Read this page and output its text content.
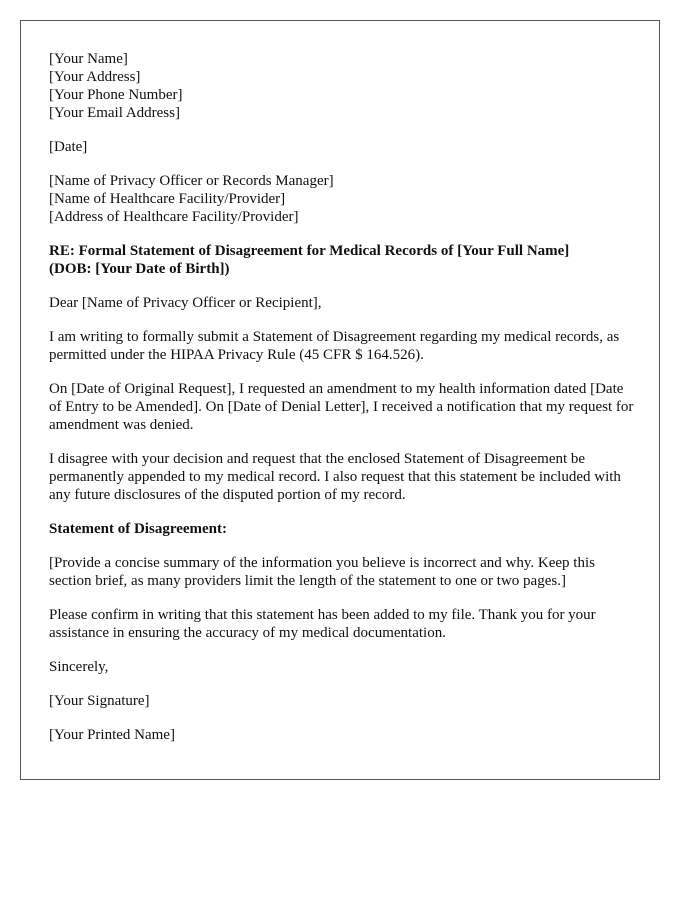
[Your Name]
[Your Address]
[Your Phone Number]
[Your Email Address]
[Date]
[Name of Privacy Officer or Records Manager]
[Name of Healthcare Facility/Provider]
[Address of Healthcare Facility/Provider]
RE: Formal Statement of Disagreement for Medical Records of [Your Full Name]
(DOB: [Your Date of Birth])

Dear [Name of Privacy Officer or Recipient],

I am writing to formally submit a Statement of Disagreement regarding my medical records, as permitted under the HIPAA Privacy Rule (45 CFR $ 164.526).

On [Date of Original Request], I requested an amendment to my health information dated [Date of Entry to be Amended]. On [Date of Denial Letter], I received a notification that my request for amendment was denied.

I disagree with your decision and request that the enclosed Statement of Disagreement be permanently appended to my medical record. I also request that this statement be included with any future disclosures of the disputed portion of my record.

Statement of Disagreement:

[Provide a concise summary of the information you believe is incorrect and why. Keep this section brief, as many providers limit the length of the statement to one or two pages.]

Please confirm in writing that this statement has been added to my file. Thank you for your assistance in ensuring the accuracy of my medical documentation.

Sincerely,

[Your Signature]

[Your Printed Name]
